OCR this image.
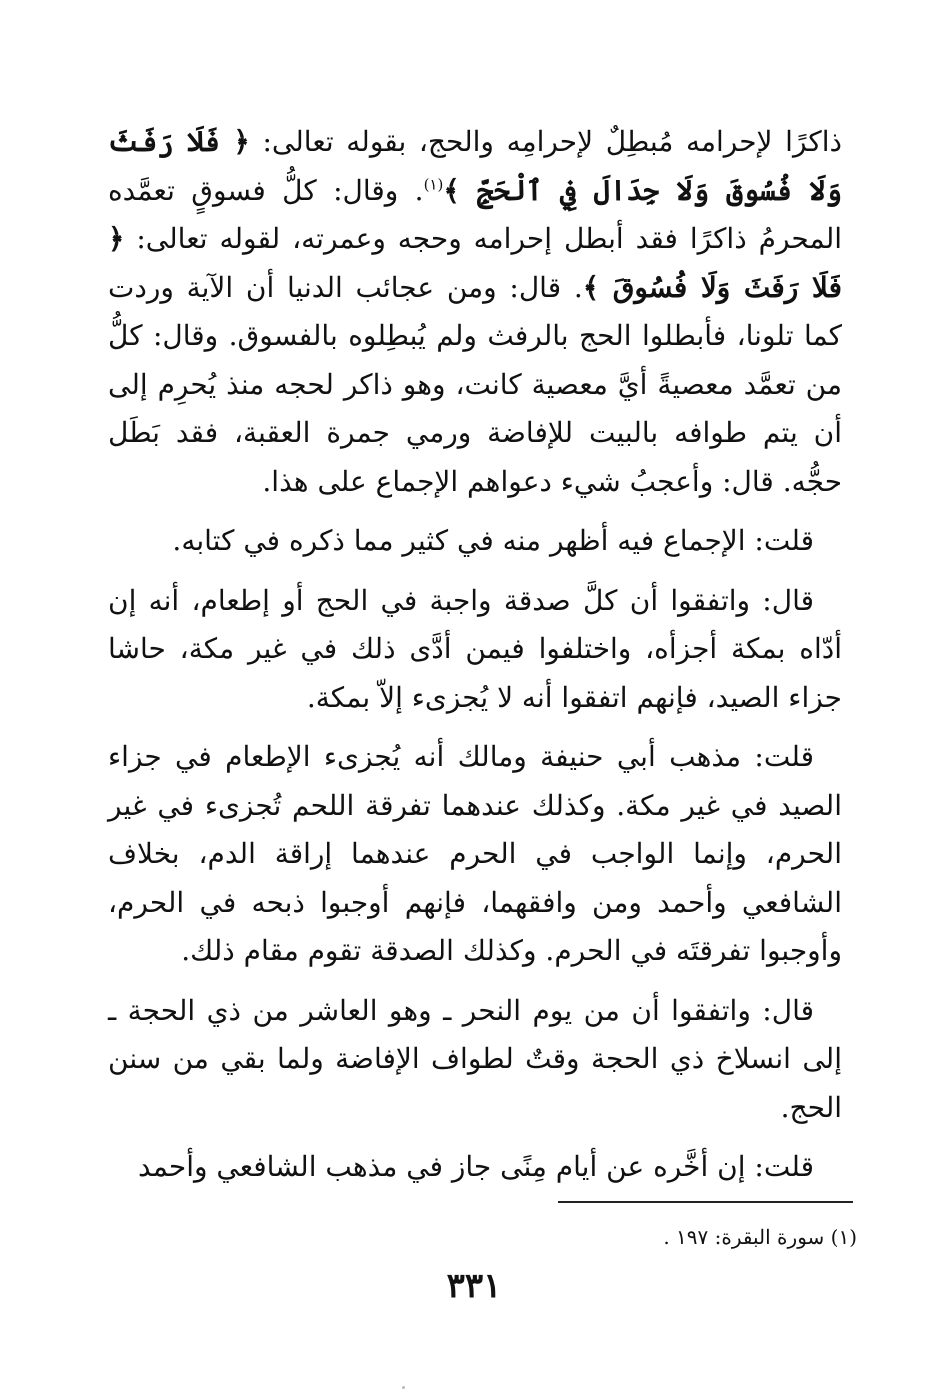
ذاكرًا لإحرامه مُبطِلٌ لإحرامِه والحج، بقوله تعالى: ﴿ فَلَا رَفَثَ وَلَا فُسُوقَ وَلَا جِدَالَ فِي ٱلْحَجِّ ﴾$^{(١)}$. وقال: كلُّ فسوقٍ تعمَّده المحرمُ ذاكرًا فقد أبطل إحرامه وحجه وعمرته، لقوله تعالى: ﴿ فَلَا رَفَثَ وَلَا فُسُوقَ ﴾. قال: ومن عجائب الدنيا أن الآية وردت كما تلونا، فأبطلوا الحج بالرفث ولم يُبطِلوه بالفسوق. وقال: كلُّ من تعمَّد معصيةً أيَّ معصية كانت، وهو ذاكر لحجه منذ يُحرِم إلى أن يتم طوافه بالبيت للإفاضة ورمي جمرة العقبة، فقد بَطَل حجُّه. قال: وأعجبُ شيء دعواهم الإجماع على هذا.

قلت: الإجماع فيه أظهر منه في كثير مما ذكره في كتابه.

قال: واتفقوا أن كلَّ صدقة واجبة في الحج أو إطعام، أنه إن أدّاه بمكة أجزأه، واختلفوا فيمن أدَّى ذلك في غير مكة، حاشا جزاء الصيد، فإنهم اتفقوا أنه لا يُجزىء إلاّ بمكة.

قلت: مذهب أبي حنيفة ومالك أنه يُجزىء الإطعام في جزاء الصيد في غير مكة. وكذلك عندهما تفرقة اللحم تُجزىء في غير الحرم، وإنما الواجب في الحرم عندهما إراقة الدم، بخلاف الشافعي وأحمد ومن وافقهما، فإنهم أوجبوا ذبحه في الحرم، وأوجبوا تفرقتَه في الحرم. وكذلك الصدقة تقوم مقام ذلك.

قال: واتفقوا أن من يوم النحر ـ وهو العاشر من ذي الحجة ـ إلى انسلاخ ذي الحجة وقتٌ لطواف الإفاضة ولما بقي من سنن الحج.

قلت: إن أخَّره عن أيام مِنًى جاز في مذهب الشافعي وأحمد

(١) سورة البقرة: ١٩٧ .
٣٣١
